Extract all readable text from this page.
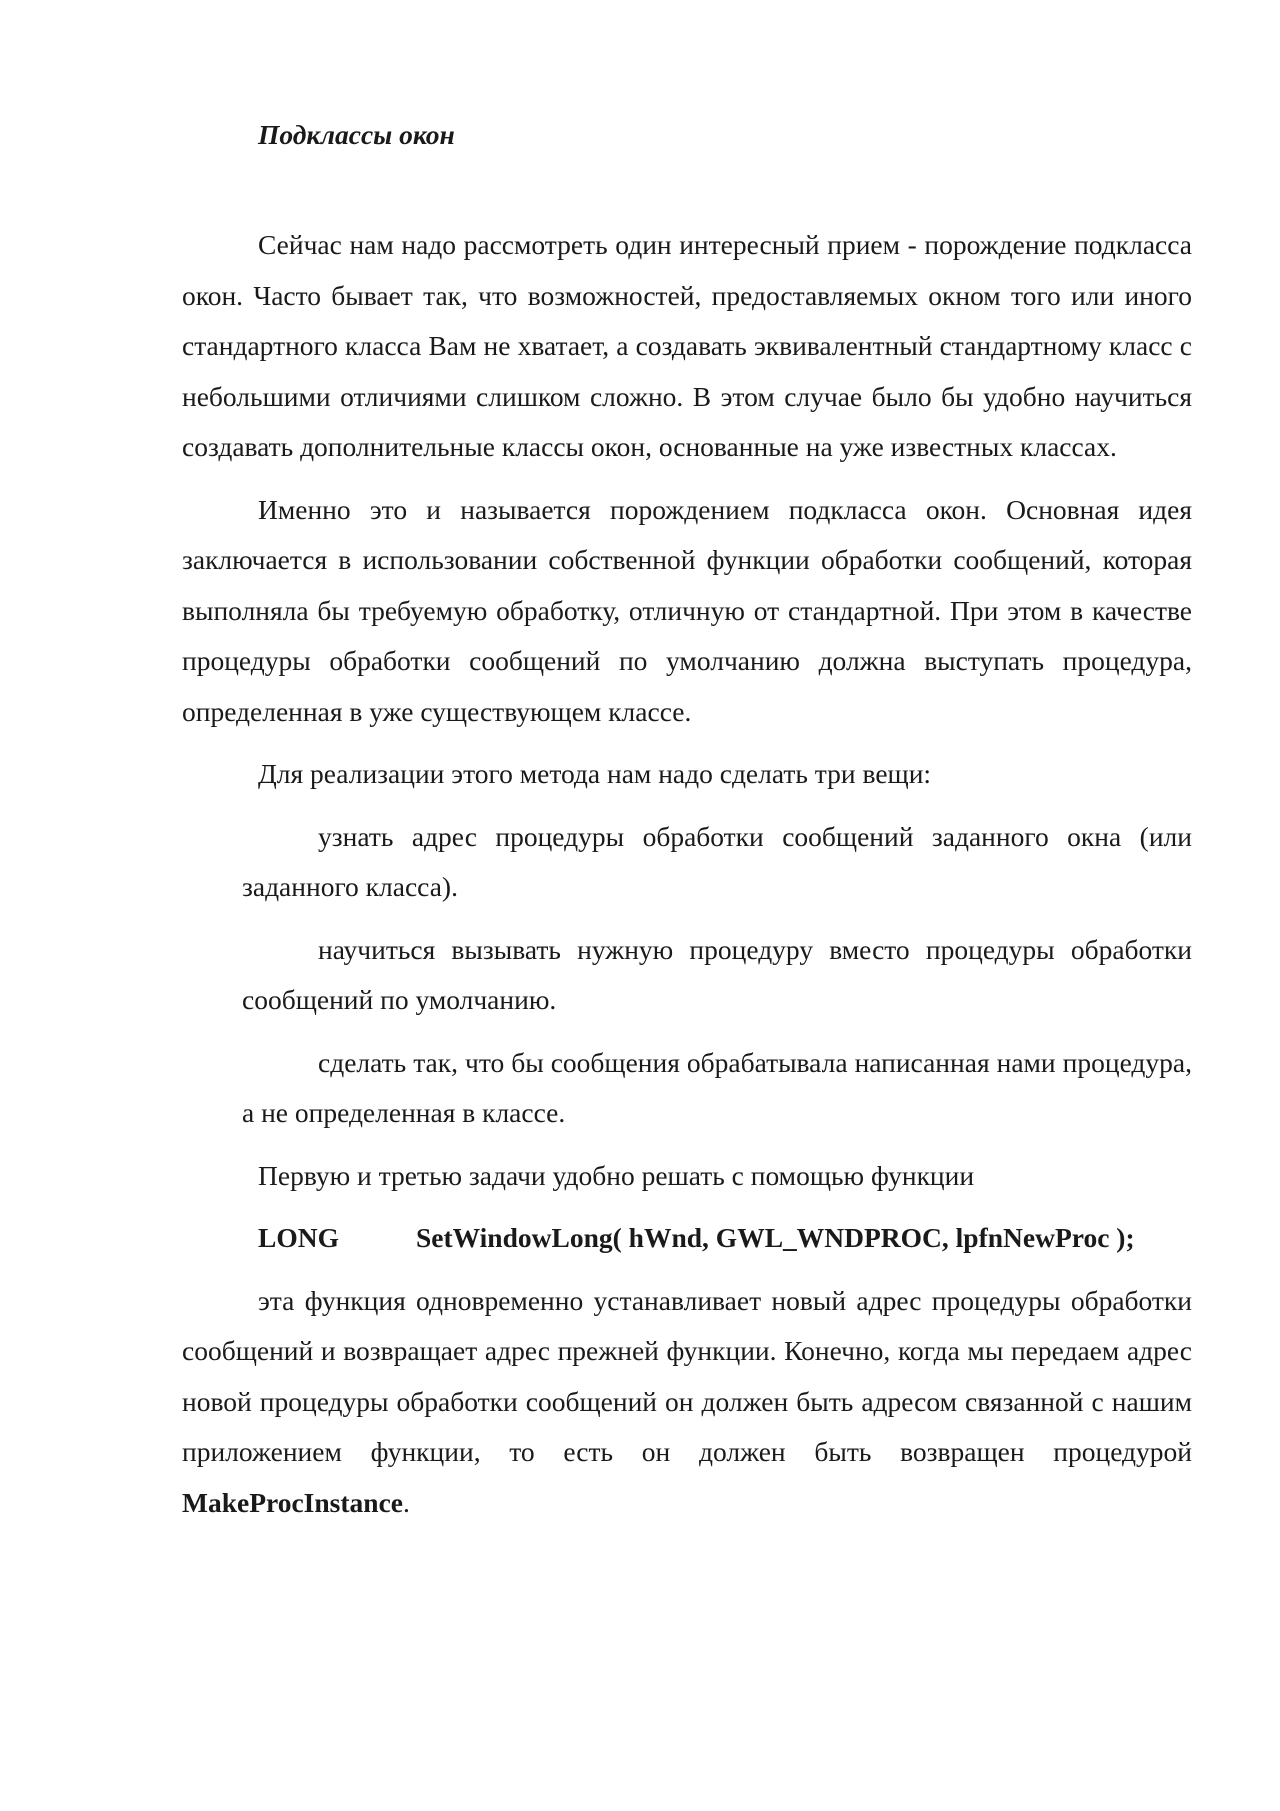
Подклассы окон

Сейчас нам надо рассмотреть один интересный прием - порождение подкласса окон. Часто бывает так, что возможностей, предоставляемых окном того или иного стандартного класса Вам не хватает, а создавать эквивалентный стандартному класс с небольшими отличиями слишком сложно. В этом случае было бы удобно научиться создавать дополнительные классы окон, основанные на уже известных классах.

Именно это и называется порождением подкласса окон. Основная идея заключается в использовании собственной функции обработки сообщений, которая выполняла бы требуемую обработку, отличную от стандартной. При этом в качестве процедуры обработки сообщений по умолчанию должна выступать процедура, определенная в уже существующем классе.

Для реализации этого метода нам надо сделать три вещи:

узнать адрес процедуры обработки сообщений заданного окна (или заданного класса).

научиться вызывать нужную процедуру вместо процедуры обработки сообщений по умолчанию.

сделать так, что бы сообщения обрабатывала написанная нами процедура, а не определенная в классе.

Первую и третью задачи удобно решать с помощью функции

LONG	SetWindowLong( hWnd, GWL_WNDPROC, lpfnNewProc );

эта функция одновременно устанавливает новый адрес процедуры обработки сообщений и возвращает адрес прежней функции. Конечно, когда мы передаем адрес новой процедуры обработки сообщений он должен быть адресом связанной с нашим приложением функции, то есть он должен быть возвращен процедурой MakeProcInstance.
